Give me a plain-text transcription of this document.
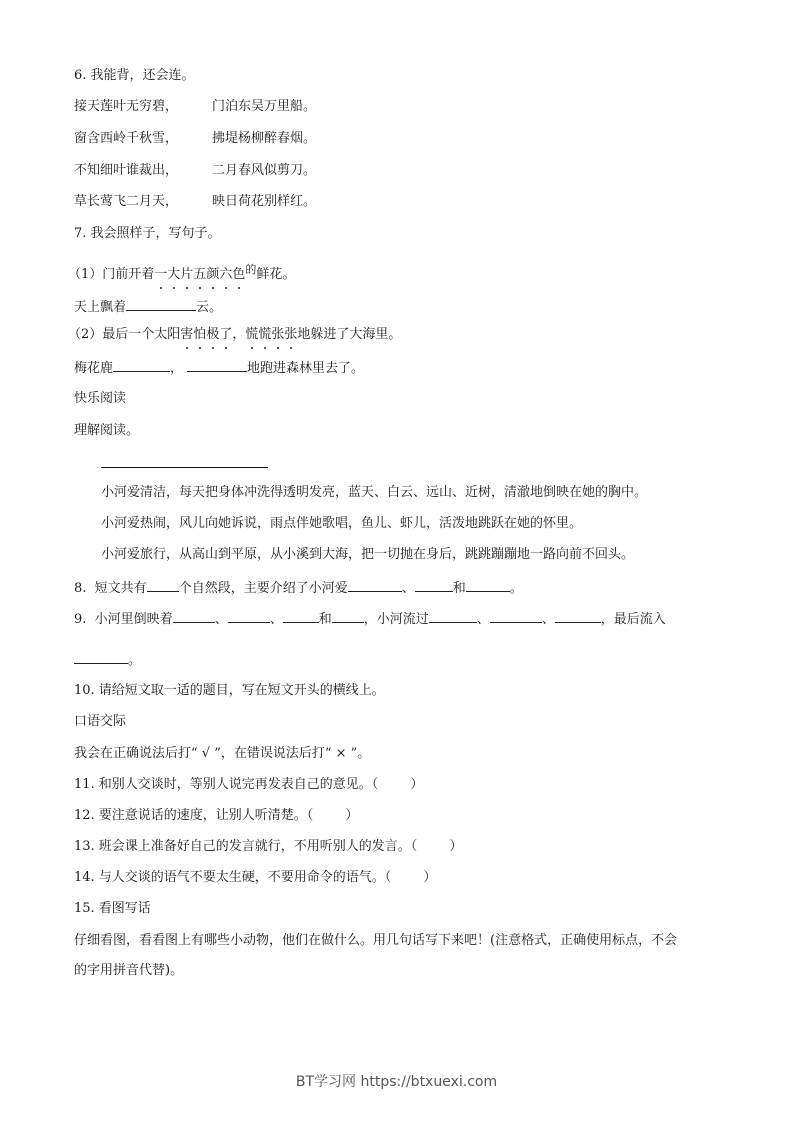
6. 我能背，还会连。
接天莲叶无穷碧，	门泊东吴万里船。
窗含西岭千秋雪，	拂堤杨柳醉春烟。
不知细叶谁裁出，	二月春风似剪刀。
草长莺飞二月天，	映日荷花别样红。
7. 我会照样子，写句子。
（1）门前开着一大片五颜六色$^的$鲜花。
天上飘着	云。
（2）最后一个太阳害怕极了，慌慌张张地躲进了大海里。
梅花鹿	，	地跑进森林里去了。
快乐阅读
理解阅读。
小河爱清洁，每天把身体冲洗得透明发亮，蓝天、白云、远山、近树，清澈地倒映在她的胸中。
小河爱热闹，风儿向她诉说，雨点伴她歌唱，鱼儿、虾儿，活泼地跳跃在她的怀里。
小河爱旅行，从高山到平原，从小溪到大海，把一切抛在身后，跳跳蹦蹦地一路向前不回头。
8. 短文共有 个自然段，主要介绍了小河爱	、	和	。
9. 小河里倒映着	、	、	和 ，小河流过	、	、	，最后流入
。
10. 请给短文取一适的题目，写在短文开头的横线上。
口语交际
我会在正确说法后打“ √ ”，在错误说法后打“ × ”。
11. 和别人交谈时，等别人说完再发表自己的意见。（ ）
12. 要注意说话的速度，让别人听清楚。（ ）
13. 班会课上准备好自己的发言就行，不用听别人的发言。（ ）
14. 与人交谈的语气不要太生硬，不要用命令的语气。（ ）
15. 看图写话
仔细看图，看看图上有哪些小动物，他们在做什么。用几句话写下来吧！(注意格式，正确使用标点，不会
的字用拼音代替)。
BT学习网 https://btxuexi.com
